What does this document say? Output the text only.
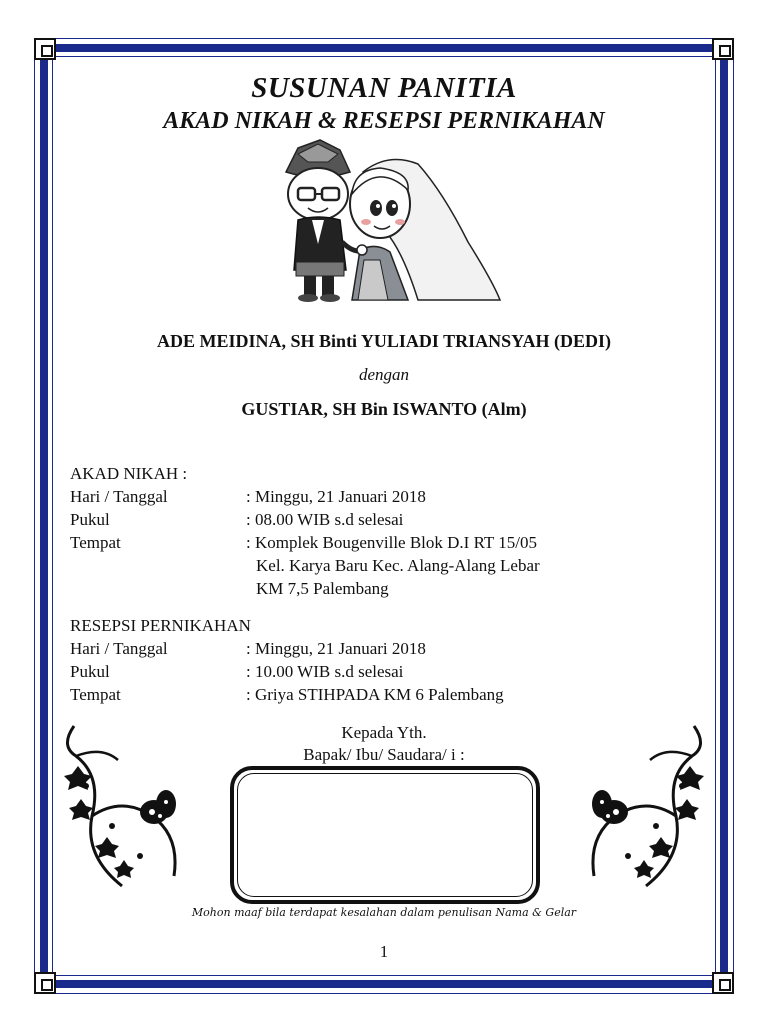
SUSUNAN PANITIA
AKAD NIKAH & RESEPSI PERNIKAHAN
ADE MEIDINA, SH Binti YULIADI TRIANSYAH (DEDI)
dengan
GUSTIAR, SH Bin ISWANTO (Alm)
AKAD NIKAH :
Hari / Tanggal	: Minggu, 21 Januari 2018
Pukul	: 08.00 WIB s.d selesai
Tempat	: Komplek Bougenville Blok D.I RT 15/05
Kel. Karya Baru Kec. Alang-Alang Lebar
KM 7,5 Palembang
RESEPSI PERNIKAHAN
Hari / Tanggal	: Minggu, 21 Januari 2018
Pukul	: 10.00 WIB s.d selesai
Tempat	: Griya STIHPADA KM 6 Palembang
Kepada Yth.
Bapak/ Ibu/ Saudara/ i :
Mohon maaf bila terdapat kesalahan dalam penulisan Nama & Gelar
1
